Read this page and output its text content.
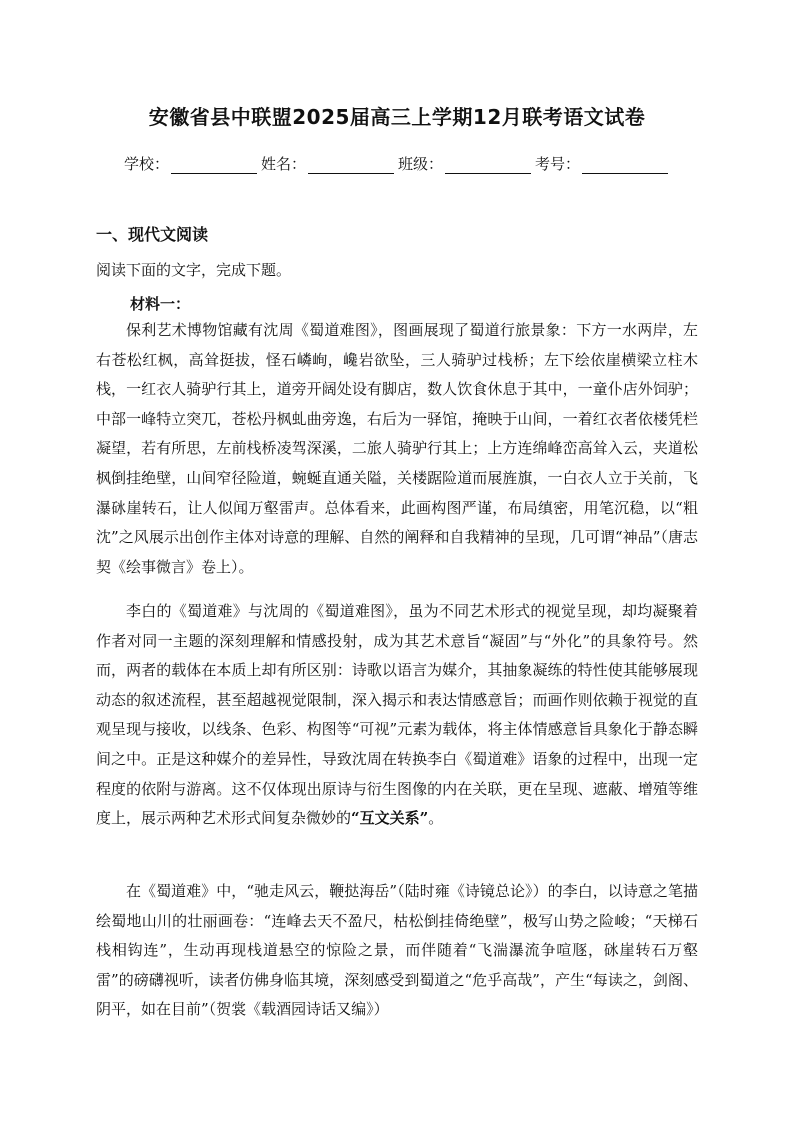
安徽省县中联盟2025届高三上学期12月联考语文试卷
学校：	姓名：	班级：	考号：
一、现代文阅读
阅读下面的文字，完成下题。
材料一：

保利艺术博物馆藏有沈周《蜀道难图》，图画展现了蜀道行旅景象：下方一水两岸，左右苍松红枫，高耸挺拔，怪石嶙峋，巉岩欲坠，三人骑驴过栈桥；左下绘依崖横梁立柱木栈，一红衣人骑驴行其上，道旁开阔处设有脚店，数人饮食休息于其中，一童仆店外饲驴；中部一峰特立突兀，苍松丹枫虬曲旁逸，右后为一驿馆，掩映于山间，一着红衣者依楼凭栏凝望，若有所思，左前栈桥凌驾深溪，二旅人骑驴行其上；上方连绵峰峦高耸入云，夹道松枫倒挂绝壁，山间窄径险道，蜿蜒直通关隘，关楼踞险道而展旌旗，一白衣人立于关前，飞瀑砯崖转石，让人似闻万壑雷声。总体看来，此画构图严谨，布局缜密，用笔沉稳，以“粗沈”之风展示出创作主体对诗意的理解、自然的阐释和自我精神的呈现，几可谓“神品”（唐志契《绘事微言》卷上）。

李白的《蜀道难》与沈周的《蜀道难图》，虽为不同艺术形式的视觉呈现，却均凝聚着作者对同一主题的深刻理解和情感投射，成为其艺术意旨“凝固”与“外化”的具象符号。然而，两者的载体在本质上却有所区别：诗歌以语言为媒介，其抽象凝练的特性使其能够展现动态的叙述流程，甚至超越视觉限制，深入揭示和表达情感意旨；而画作则依赖于视觉的直观呈现与接收，以线条、色彩、构图等“可视”元素为载体，将主体情感意旨具象化于静态瞬间之中。正是这种媒介的差异性，导致沈周在转换李白《蜀道难》语象的过程中，出现一定程度的依附与游离。这不仅体现出原诗与衍生图像的内在关联，更在呈现、遮蔽、增殖等维度上，展示两种艺术形式间复杂微妙的“互文关系”。

在《蜀道难》中，“驰走风云，鞭挞海岳”（陆时雍《诗镜总论》）的李白，以诗意之笔描绘蜀地山川的壮丽画卷：“连峰去天不盈尺，枯松倒挂倚绝壁”，极写山势之险峻；“天梯石栈相钩连”，生动再现栈道悬空的惊险之景，而伴随着“飞湍瀑流争喧豗，砯崖转石万壑雷”的磅礴视听，读者仿佛身临其境，深刻感受到蜀道之“危乎高哉”，产生“每读之，剑阁、阴平，如在目前”（贺裳《载酒园诗话又编》）
